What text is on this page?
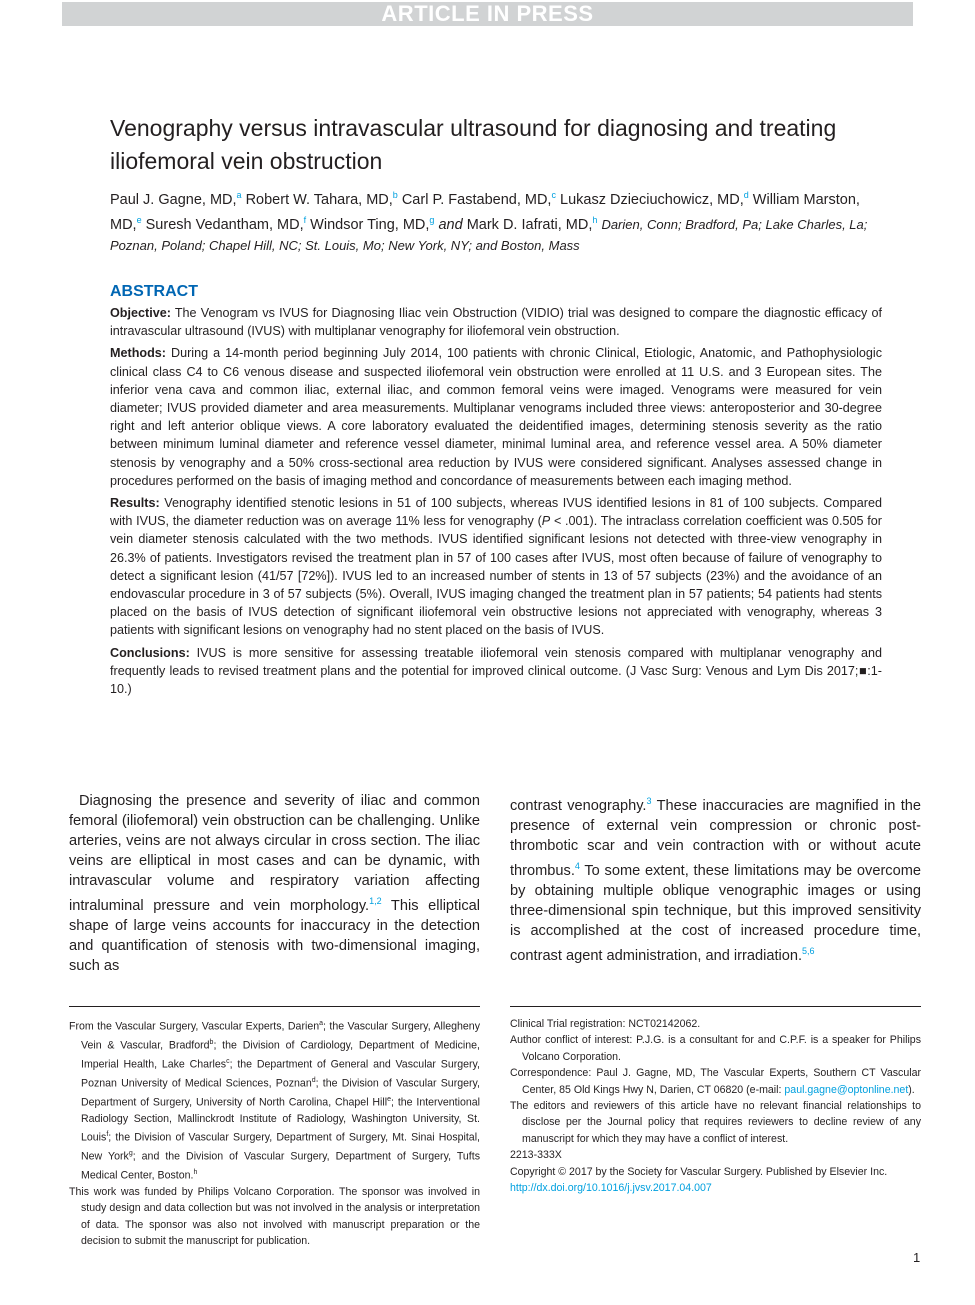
ARTICLE IN PRESS
Venography versus intravascular ultrasound for diagnosing and treating iliofemoral vein obstruction
Paul J. Gagne, MD,$^a$ Robert W. Tahara, MD,$^b$ Carl P. Fastabend, MD,$^c$ Lukasz Dzieciuchowicz, MD,$^d$ William Marston, MD,$^e$ Suresh Vedantham, MD,$^f$ Windsor Ting, MD,$^g$ and Mark D. Iafrati, MD,$^h$ Darien, Conn; Bradford, Pa; Lake Charles, La; Poznan, Poland; Chapel Hill, NC; St. Louis, Mo; New York, NY; and Boston, Mass
ABSTRACT

Objective: The Venogram vs IVUS for Diagnosing Iliac vein Obstruction (VIDIO) trial was designed to compare the diagnostic efficacy of intravascular ultrasound (IVUS) with multiplanar venography for iliofemoral vein obstruction.

Methods: During a 14-month period beginning July 2014, 100 patients with chronic Clinical, Etiologic, Anatomic, and Pathophysiologic clinical class C4 to C6 venous disease and suspected iliofemoral vein obstruction were enrolled at 11 U.S. and 3 European sites. The inferior vena cava and common iliac, external iliac, and common femoral veins were imaged. Venograms were measured for vein diameter; IVUS provided diameter and area measurements. Multiplanar venograms included three views: anteroposterior and 30-degree right and left anterior oblique views. A core laboratory evaluated the deidentified images, determining stenosis severity as the ratio between minimum luminal diameter and reference vessel diameter, minimal luminal area, and reference vessel area. A 50% diameter stenosis by venography and a 50% cross-sectional area reduction by IVUS were considered significant. Analyses assessed change in procedures performed on the basis of imaging method and concordance of measurements between each imaging method.

Results: Venography identified stenotic lesions in 51 of 100 subjects, whereas IVUS identified lesions in 81 of 100 subjects. Compared with IVUS, the diameter reduction was on average 11% less for venography (P < .001). The intraclass correlation coefficient was 0.505 for vein diameter stenosis calculated with the two methods. IVUS identified significant lesions not detected with three-view venography in 26.3% of patients. Investigators revised the treatment plan in 57 of 100 cases after IVUS, most often because of failure of venography to detect a significant lesion (41/57 [72%]). IVUS led to an increased number of stents in 13 of 57 subjects (23%) and the avoidance of an endovascular procedure in 3 of 57 subjects (5%). Overall, IVUS imaging changed the treatment plan in 57 patients; 54 patients had stents placed on the basis of IVUS detection of significant iliofemoral vein obstructive lesions not appreciated with venography, whereas 3 patients with significant lesions on venography had no stent placed on the basis of IVUS.

Conclusions: IVUS is more sensitive for assessing treatable iliofemoral vein stenosis compared with multiplanar venography and frequently leads to revised treatment plans and the potential for improved clinical outcome. (J Vasc Surg: Venous and Lym Dis 2017;■:1-10.)

Diagnosing the presence and severity of iliac and common femoral (iliofemoral) vein obstruction can be challenging. Unlike arteries, veins are not always circular in cross section. The iliac veins are elliptical in most cases and can be dynamic, with intravascular volume and respiratory variation affecting intraluminal pressure and vein morphology.$^{1,2}$ This elliptical shape of large veins accounts for inaccuracy in the detection and quantification of stenosis with two-dimensional imaging, such as

contrast venography.$^3$ These inaccuracies are magnified in the presence of external vein compression or chronic post-thrombotic scar and vein contraction with or without acute thrombus.$^4$ To some extent, these limitations may be overcome by obtaining multiple oblique venographic images or using three-dimensional spin technique, but this improved sensitivity is accomplished at the cost of increased procedure time, contrast agent administration, and irradiation.$^{5,6}$

From the Vascular Surgery, Vascular Experts, Darien$^a$; the Vascular Surgery, Allegheny Vein & Vascular, Bradford$^b$; the Division of Cardiology, Department of Medicine, Imperial Health, Lake Charles$^c$; the Department of General and Vascular Surgery, Poznan University of Medical Sciences, Poznan$^d$; the Division of Vascular Surgery, Department of Surgery, University of North Carolina, Chapel Hill$^e$; the Interventional Radiology Section, Mallinckrodt Institute of Radiology, Washington University, St. Louis$^f$; the Division of Vascular Surgery, Department of Surgery, Mt. Sinai Hospital, New York$^g$; and the Division of Vascular Surgery, Department of Surgery, Tufts Medical Center, Boston.$^h$

This work was funded by Philips Volcano Corporation. The sponsor was involved in study design and data collection but was not involved in the analysis or interpretation of data. The sponsor was also not involved with manuscript preparation or the decision to submit the manuscript for publication.

Clinical Trial registration: NCT02142062.

Author conflict of interest: P.J.G. is a consultant for and C.P.F. is a speaker for Philips Volcano Corporation.

Correspondence: Paul J. Gagne, MD, The Vascular Experts, Southern CT Vascular Center, 85 Old Kings Hwy N, Darien, CT 06820 (e-mail: paul.gagne@optonline.net).

The editors and reviewers of this article have no relevant financial relationships to disclose per the Journal policy that requires reviewers to decline review of any manuscript for which they may have a conflict of interest.

2213-333X

Copyright © 2017 by the Society for Vascular Surgery. Published by Elsevier Inc.

http://dx.doi.org/10.1016/j.jvsv.2017.04.007

1
